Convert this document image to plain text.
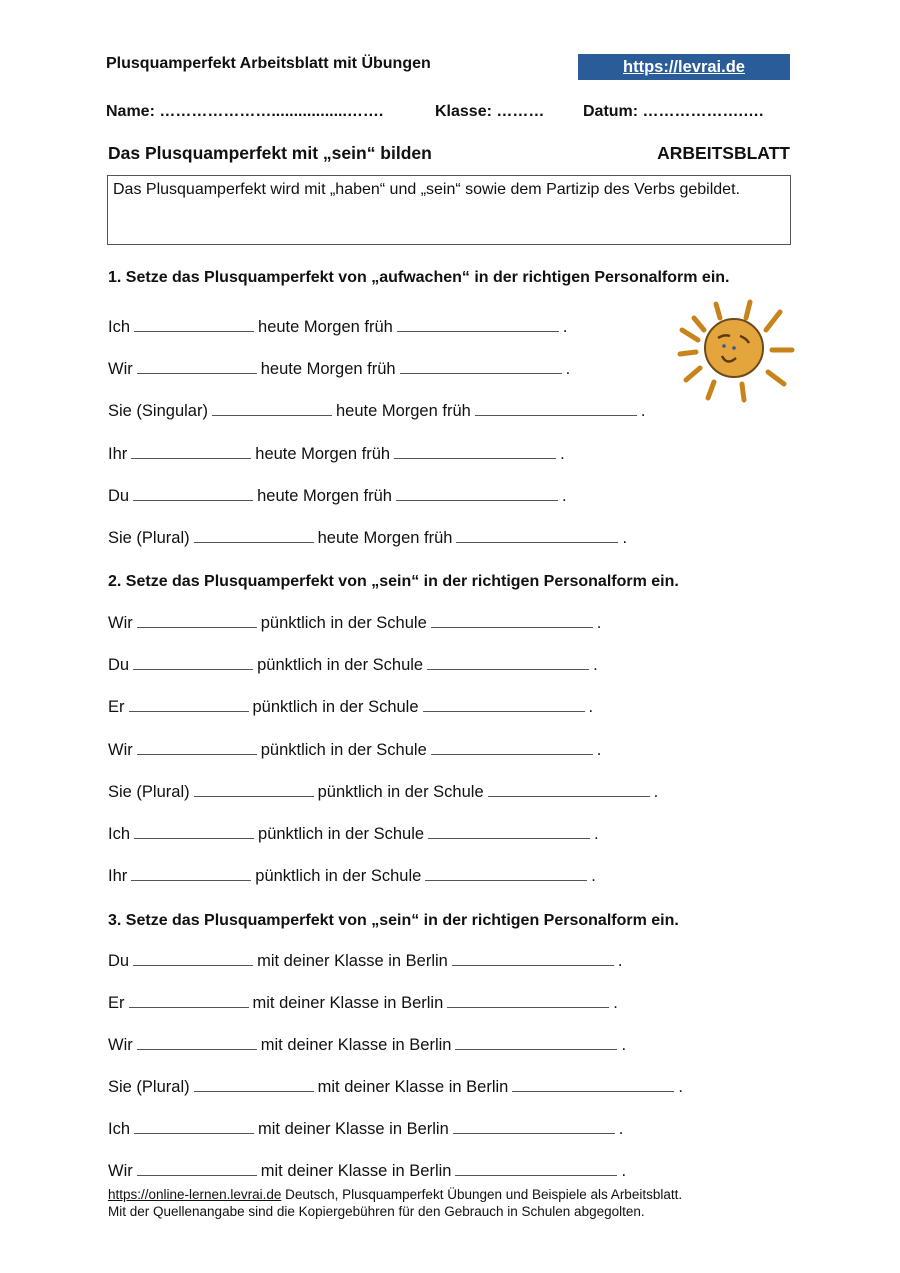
Plusquamperfekt Arbeitsblatt mit Übungen	https://levrai.de
Name: ………………….................…….	Klasse: ……… Datum: ……………….….
Das Plusquamperfekt mit „sein“ bilden	ARBEITSBLATT
Das Plusquamperfekt wird mit „haben“ und „sein“ sowie dem Partizip des Verbs gebildet.
1. Setze das Plusquamperfekt von „aufwachen“ in der richtigen Personalform ein.
Ich	heute Morgen früh	.
Wir	heute Morgen früh	.
Sie (Singular)	heute Morgen früh	.
Ihr	heute Morgen früh	.
Du	heute Morgen früh	.
Sie (Plural)	heute Morgen früh	.
2. Setze das Plusquamperfekt von „sein“ in der richtigen Personalform ein.
Wir	pünktlich in der Schule	.
Du	pünktlich in der Schule	.
Er	pünktlich in der Schule	.
Wir	pünktlich in der Schule	.
Sie (Plural)	pünktlich in der Schule	.
Ich	pünktlich in der Schule	.
Ihr	pünktlich in der Schule	.
3. Setze das Plusquamperfekt von „sein“ in der richtigen Personalform ein.
Du	mit deiner Klasse in Berlin	.
Er	mit deiner Klasse in Berlin	.
Wir	mit deiner Klasse in Berlin	.
Sie (Plural)	mit deiner Klasse in Berlin	.
Ich	mit deiner Klasse in Berlin	.
Wir	mit deiner Klasse in Berlin	.
https://online-lernen.levrai.de Deutsch, Plusquamperfekt Übungen und Beispiele als Arbeitsblatt.
Mit der Quellenangabe sind die Kopiergebühren für den Gebrauch in Schulen abgegolten.
